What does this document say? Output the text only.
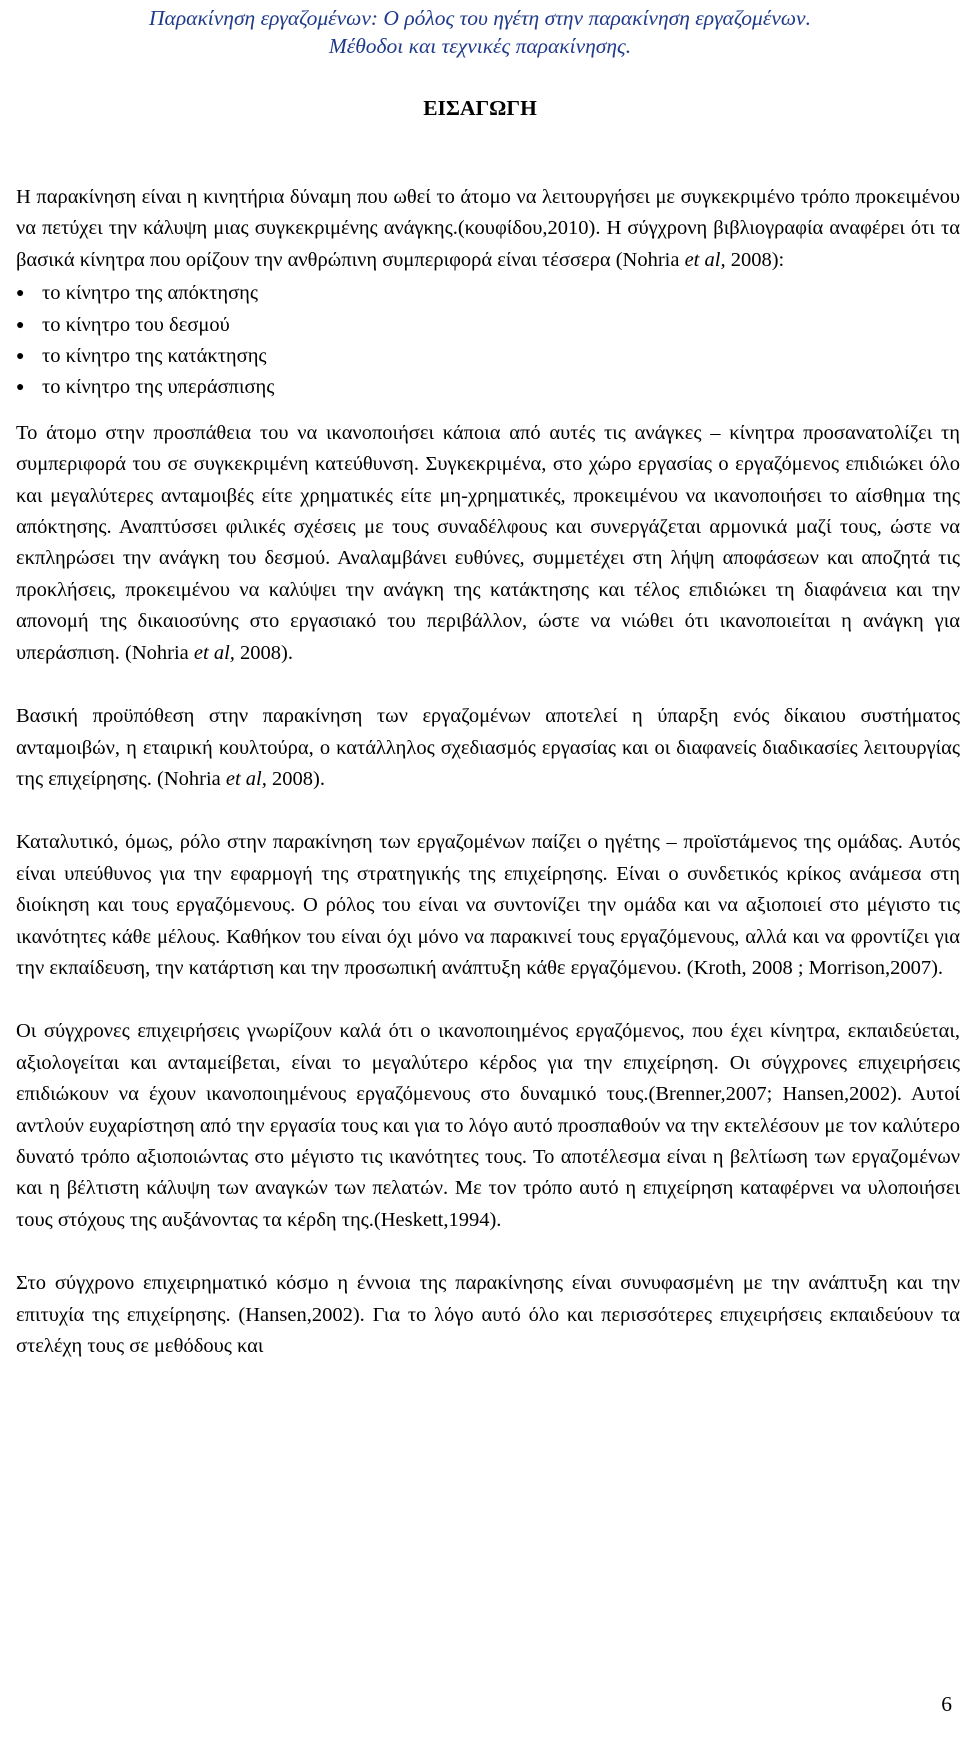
Παρακίνηση εργαζομένων: Ο ρόλος του ηγέτη στην παρακίνηση εργαζομένων.
Μέθοδοι και τεχνικές παρακίνησης.
ΕΙΣΑΓΩΓΗ

Η παρακίνηση είναι η κινητήρια δύναμη που ωθεί το άτομο να λειτουργήσει με συγκεκριμένο τρόπο προκειμένου να πετύχει την κάλυψη μιας συγκεκριμένης ανάγκης.(κουφίδου,2010). Η σύγχρονη βιβλιογραφία αναφέρει ότι τα βασικά κίνητρα που ορίζουν την ανθρώπινη συμπεριφορά είναι τέσσερα (Nohria et al, 2008):

● το κίνητρο της απόκτησης
● το κίνητρο του δεσμού
● το κίνητρο της κατάκτησης
● το κίνητρο της υπεράσπισης

Το άτομο στην προσπάθεια του να ικανοποιήσει κάποια από αυτές τις ανάγκες – κίνητρα προσανατολίζει τη συμπεριφορά του σε συγκεκριμένη κατεύθυνση. Συγκεκριμένα, στο χώρο εργασίας ο εργαζόμενος επιδιώκει όλο και μεγαλύτερες ανταμοιβές είτε χρηματικές είτε μη-χρηματικές, προκειμένου να ικανοποιήσει το αίσθημα της απόκτησης. Αναπτύσσει φιλικές σχέσεις με τους συναδέλφους και συνεργάζεται αρμονικά μαζί τους, ώστε να εκπληρώσει την ανάγκη του δεσμού. Αναλαμβάνει ευθύνες, συμμετέχει στη λήψη αποφάσεων και αποζητά τις προκλήσεις, προκειμένου να καλύψει την ανάγκη της κατάκτησης και τέλος επιδιώκει τη διαφάνεια και την απονομή της δικαιοσύνης στο εργασιακό του περιβάλλον, ώστε να νιώθει ότι ικανοποιείται η ανάγκη για υπεράσπιση. (Nohria et al, 2008).

Βασική προϋπόθεση στην παρακίνηση των εργαζομένων αποτελεί η ύπαρξη ενός δίκαιου συστήματος ανταμοιβών, η εταιρική κουλτούρα, ο κατάλληλος σχεδιασμός εργασίας και οι διαφανείς διαδικασίες λειτουργίας της επιχείρησης. (Nohria et al, 2008).

Καταλυτικό, όμως, ρόλο στην παρακίνηση των εργαζομένων παίζει ο ηγέτης – προϊστάμενος της ομάδας. Αυτός είναι υπεύθυνος για την εφαρμογή της στρατηγικής της επιχείρησης. Είναι ο συνδετικός κρίκος ανάμεσα στη διοίκηση και τους εργαζόμενους. Ο ρόλος του είναι να συντονίζει την ομάδα και να αξιοποιεί στο μέγιστο τις ικανότητες κάθε μέλους. Καθήκον του είναι όχι μόνο να παρακινεί τους εργαζόμενους, αλλά και να φροντίζει για την εκπαίδευση, την κατάρτιση και την προσωπική ανάπτυξη κάθε εργαζόμενου. (Kroth, 2008 ; Morrison,2007).

Οι σύγχρονες επιχειρήσεις γνωρίζουν καλά ότι ο ικανοποιημένος εργαζόμενος, που έχει κίνητρα, εκπαιδεύεται, αξιολογείται και ανταμείβεται, είναι το μεγαλύτερο κέρδος για την επιχείρηση. Οι σύγχρονες επιχειρήσεις επιδιώκουν να έχουν ικανοποιημένους εργαζόμενους στο δυναμικό τους.(Brenner,2007; Hansen,2002). Αυτοί αντλούν ευχαρίστηση από την εργασία τους και για το λόγο αυτό προσπαθούν να την εκτελέσουν με τον καλύτερο δυνατό τρόπο αξιοποιώντας στο μέγιστο τις ικανότητες τους. Το αποτέλεσμα είναι η βελτίωση των εργαζομένων και η βέλτιστη κάλυψη των αναγκών των πελατών. Με τον τρόπο αυτό η επιχείρηση καταφέρνει να υλοποιήσει τους στόχους της αυξάνοντας τα κέρδη της.(Heskett,1994).

Στο σύγχρονο επιχειρηματικό κόσμο η έννοια της παρακίνησης είναι συνυφασμένη με την ανάπτυξη και την επιτυχία της επιχείρησης. (Hansen,2002). Για το λόγο αυτό όλο και περισσότερες επιχειρήσεις εκπαιδεύουν τα στελέχη τους σε μεθόδους και

6
